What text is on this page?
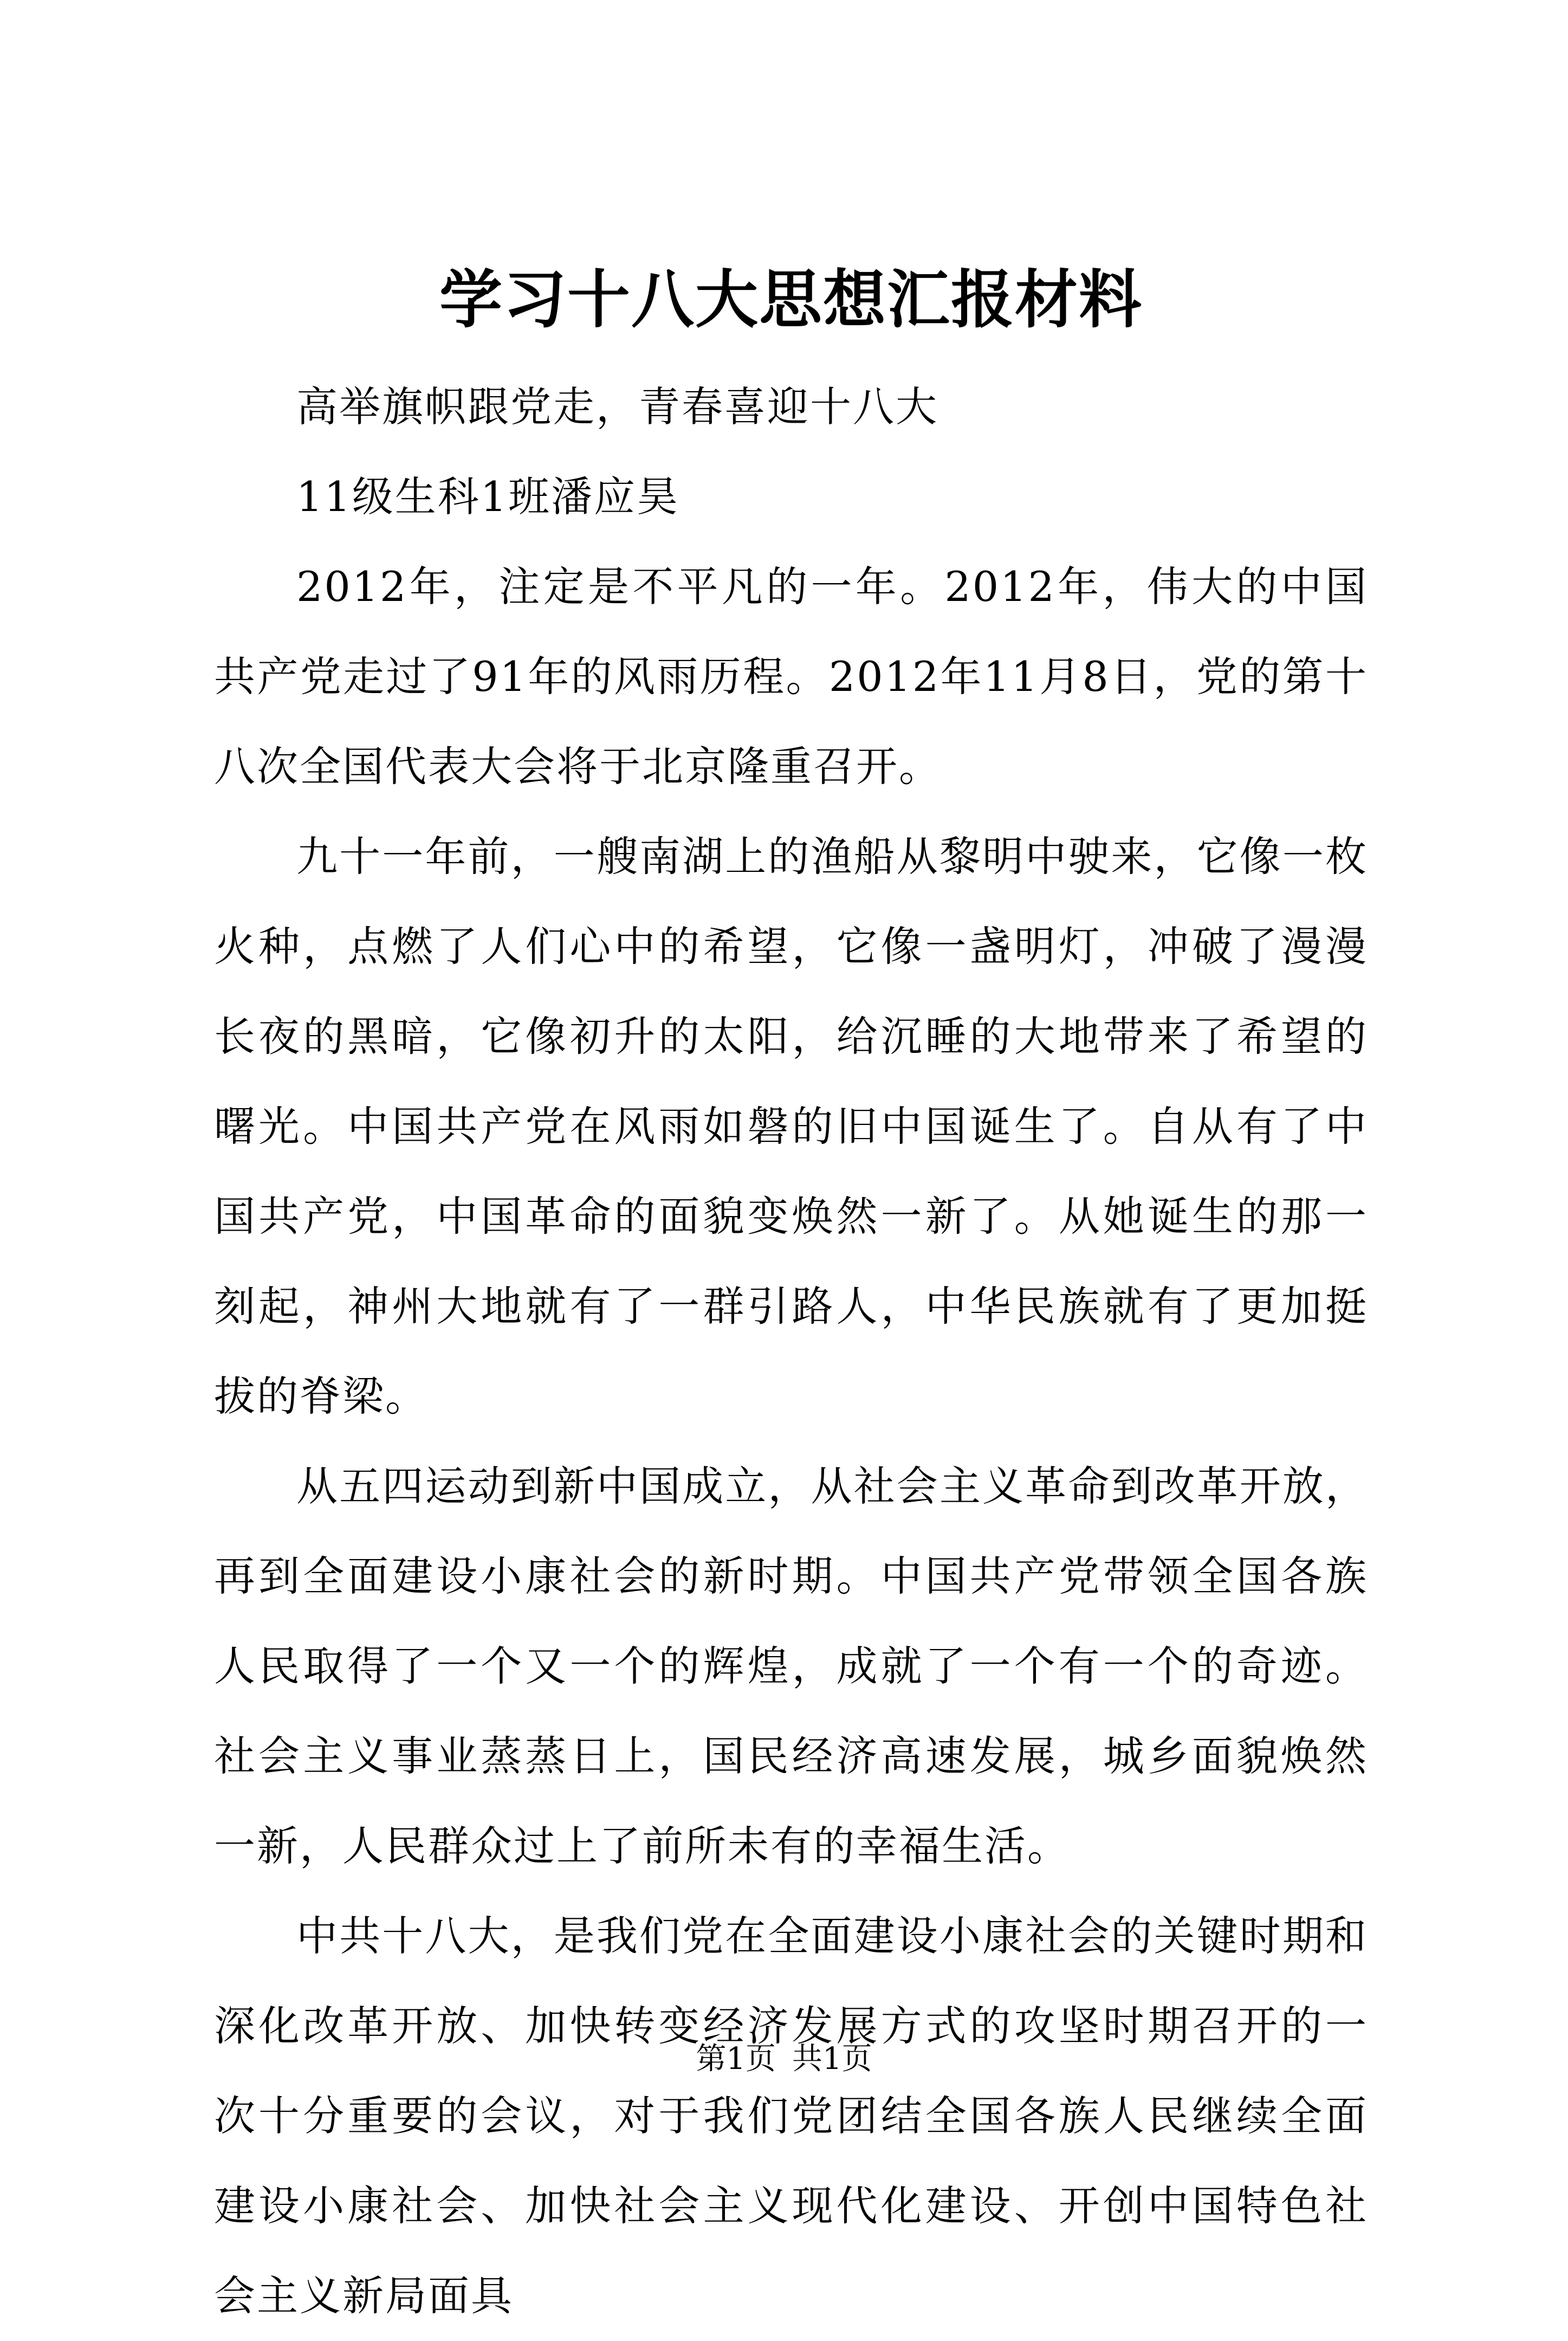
学习十八大思想汇报材料

高举旗帜跟党走，青春喜迎十八大

11级生科1班潘应昊

2012年，注定是不平凡的一年。2012年，伟大的中国共产党走过了91年的风雨历程。2012年11月8日，党的第十八次全国代表大会将于北京隆重召开。

九十一年前，一艘南湖上的渔船从黎明中驶来，它像一枚火种，点燃了人们心中的希望，它像一盏明灯，冲破了漫漫长夜的黑暗，它像初升的太阳，给沉睡的大地带来了希望的曙光。中国共产党在风雨如磐的旧中国诞生了。自从有了中国共产党，中国革命的面貌变焕然一新了。从她诞生的那一刻起，神州大地就有了一群引路人，中华民族就有了更加挺拔的脊梁。

从五四运动到新中国成立，从社会主义革命到改革开放，再到全面建设小康社会的新时期。中国共产党带领全国各族人民取得了一个又一个的辉煌，成就了一个有一个的奇迹。社会主义事业蒸蒸日上，国民经济高速发展，城乡面貌焕然一新，人民群众过上了前所未有的幸福生活。

中共十八大，是我们党在全面建设小康社会的关键时期和深化改革开放、加快转变经济发展方式的攻坚时期召开的一次十分重要的会议，对于我们党团结全国各族人民继续全面建设小康社会、加快社会主义现代化建设、开创中国特色社会主义新局面具

第1页 共1页
